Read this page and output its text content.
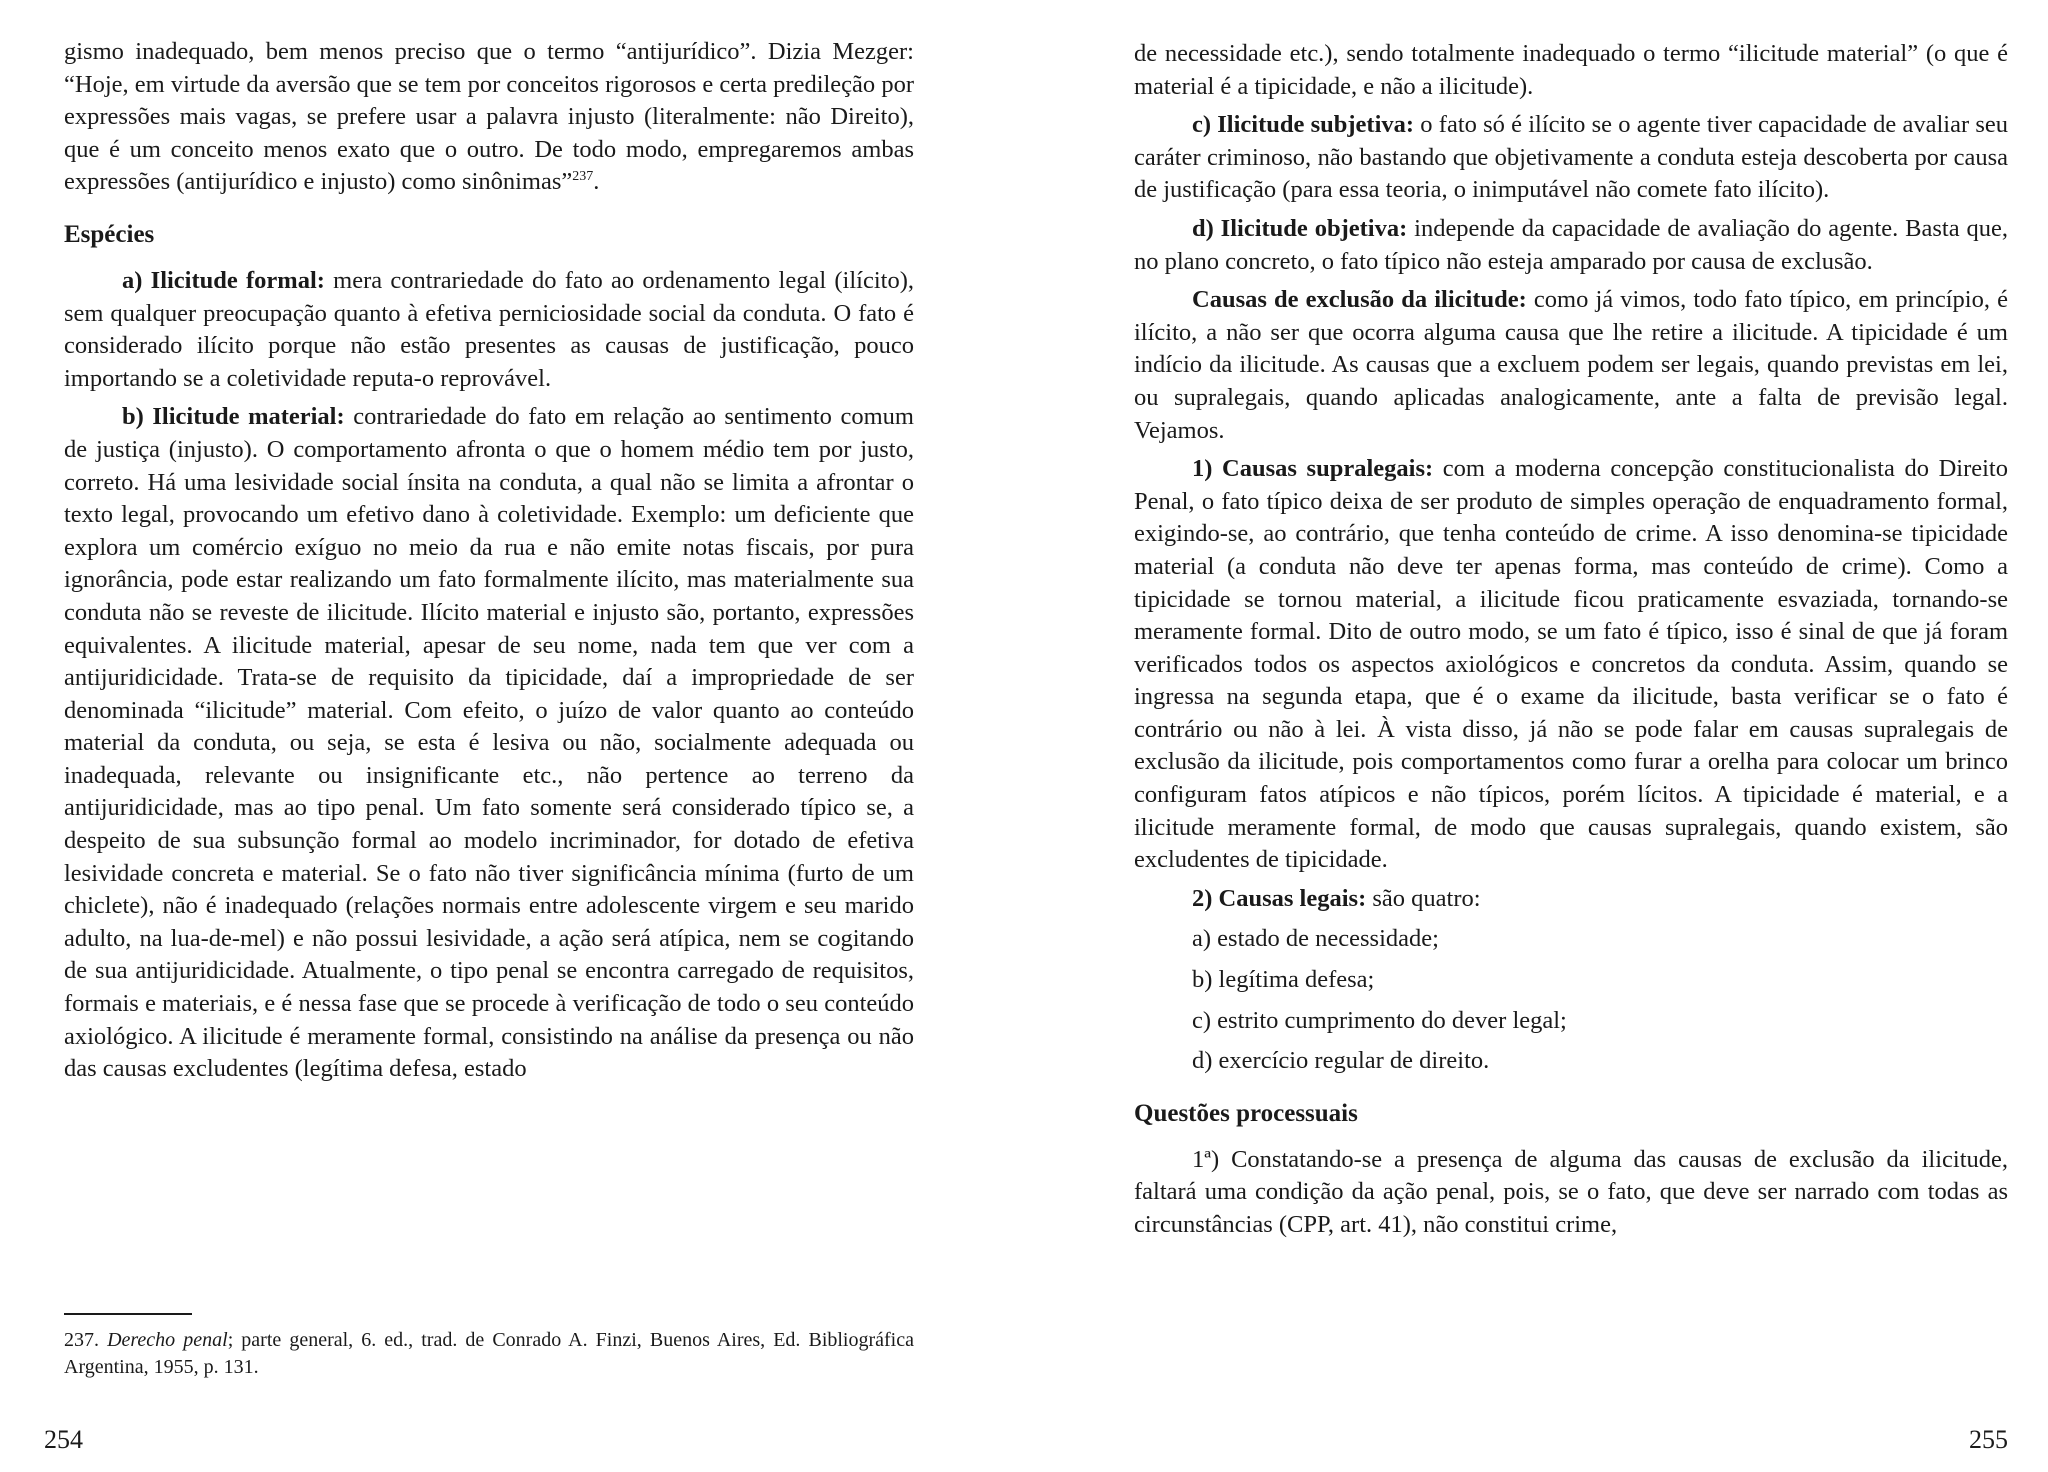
gismo inadequado, bem menos preciso que o termo “antijurídico”. Dizia Mezger: “Hoje, em virtude da aversão que se tem por conceitos rigorosos e certa predileção por expressões mais vagas, se prefere usar a palavra injusto (literalmente: não Direito), que é um conceito menos exato que o outro. De todo modo, empregaremos ambas expressões (antijurídico e injusto) como sinônimas”$^{237}$.

Espécies

a) Ilicitude formal: mera contrariedade do fato ao ordenamento legal (ilícito), sem qualquer preocupação quanto à efetiva perniciosidade social da conduta. O fato é considerado ilícito porque não estão presentes as causas de justificação, pouco importando se a coletividade reputa-o reprovável.

b) Ilicitude material: contrariedade do fato em relação ao sentimento comum de justiça (injusto). O comportamento afronta o que o homem médio tem por justo, correto. Há uma lesividade social ínsita na conduta, a qual não se limita a afrontar o texto legal, provocando um efetivo dano à coletividade. Exemplo: um deficiente que explora um comércio exíguo no meio da rua e não emite notas fiscais, por pura ignorância, pode estar realizando um fato formalmente ilícito, mas materialmente sua conduta não se reveste de ilicitude. Ilícito material e injusto são, portanto, expressões equivalentes. A ilicitude material, apesar de seu nome, nada tem que ver com a antijuridicidade. Trata-se de requisito da tipicidade, daí a impropriedade de ser denominada “ilicitude” material. Com efeito, o juízo de valor quanto ao conteúdo material da conduta, ou seja, se esta é lesiva ou não, socialmente adequada ou inadequada, relevante ou insignificante etc., não pertence ao terreno da antijuridicidade, mas ao tipo penal. Um fato somente será considerado típico se, a despeito de sua subsunção formal ao modelo incriminador, for dotado de efetiva lesividade concreta e material. Se o fato não tiver significância mínima (furto de um chiclete), não é inadequado (relações normais entre adolescente virgem e seu marido adulto, na lua-de-mel) e não possui lesividade, a ação será atípica, nem se cogitando de sua antijuridicidade. Atualmente, o tipo penal se encontra carregado de requisitos, formais e materiais, e é nessa fase que se procede à verificação de todo o seu conteúdo axiológico. A ilicitude é meramente formal, consistindo na análise da presença ou não das causas excludentes (legítima defesa, estado

237. Derecho penal; parte general, 6. ed., trad. de Conrado A. Finzi, Buenos Aires, Ed. Bibliográfica Argentina, 1955, p. 131.

254

de necessidade etc.), sendo totalmente inadequado o termo “ilicitude material” (o que é material é a tipicidade, e não a ilicitude).

c) Ilicitude subjetiva: o fato só é ilícito se o agente tiver capacidade de avaliar seu caráter criminoso, não bastando que objetivamente a conduta esteja descoberta por causa de justificação (para essa teoria, o inimputável não comete fato ilícito).

d) Ilicitude objetiva: independe da capacidade de avaliação do agente. Basta que, no plano concreto, o fato típico não esteja amparado por causa de exclusão.

Causas de exclusão da ilicitude: como já vimos, todo fato típico, em princípio, é ilícito, a não ser que ocorra alguma causa que lhe retire a ilicitude. A tipicidade é um indício da ilicitude. As causas que a excluem podem ser legais, quando previstas em lei, ou supralegais, quando aplicadas analogicamente, ante a falta de previsão legal. Vejamos.

1) Causas supralegais: com a moderna concepção constitucionalista do Direito Penal, o fato típico deixa de ser produto de simples operação de enquadramento formal, exigindo-se, ao contrário, que tenha conteúdo de crime. A isso denomina-se tipicidade material (a conduta não deve ter apenas forma, mas conteúdo de crime). Como a tipicidade se tornou material, a ilicitude ficou praticamente esvaziada, tornando-se meramente formal. Dito de outro modo, se um fato é típico, isso é sinal de que já foram verificados todos os aspectos axiológicos e concretos da conduta. Assim, quando se ingressa na segunda etapa, que é o exame da ilicitude, basta verificar se o fato é contrário ou não à lei. À vista disso, já não se pode falar em causas supralegais de exclusão da ilicitude, pois comportamentos como furar a orelha para colocar um brinco configuram fatos atípicos e não típicos, porém lícitos. A tipicidade é material, e a ilicitude meramente formal, de modo que causas supralegais, quando existem, são excludentes de tipicidade.

2) Causas legais: são quatro:

a) estado de necessidade;

b) legítima defesa;

c) estrito cumprimento do dever legal;

d) exercício regular de direito.

Questões processuais

1ª) Constatando-se a presença de alguma das causas de exclusão da ilicitude, faltará uma condição da ação penal, pois, se o fato, que deve ser narrado com todas as circunstâncias (CPP, art. 41), não constitui crime,

255
